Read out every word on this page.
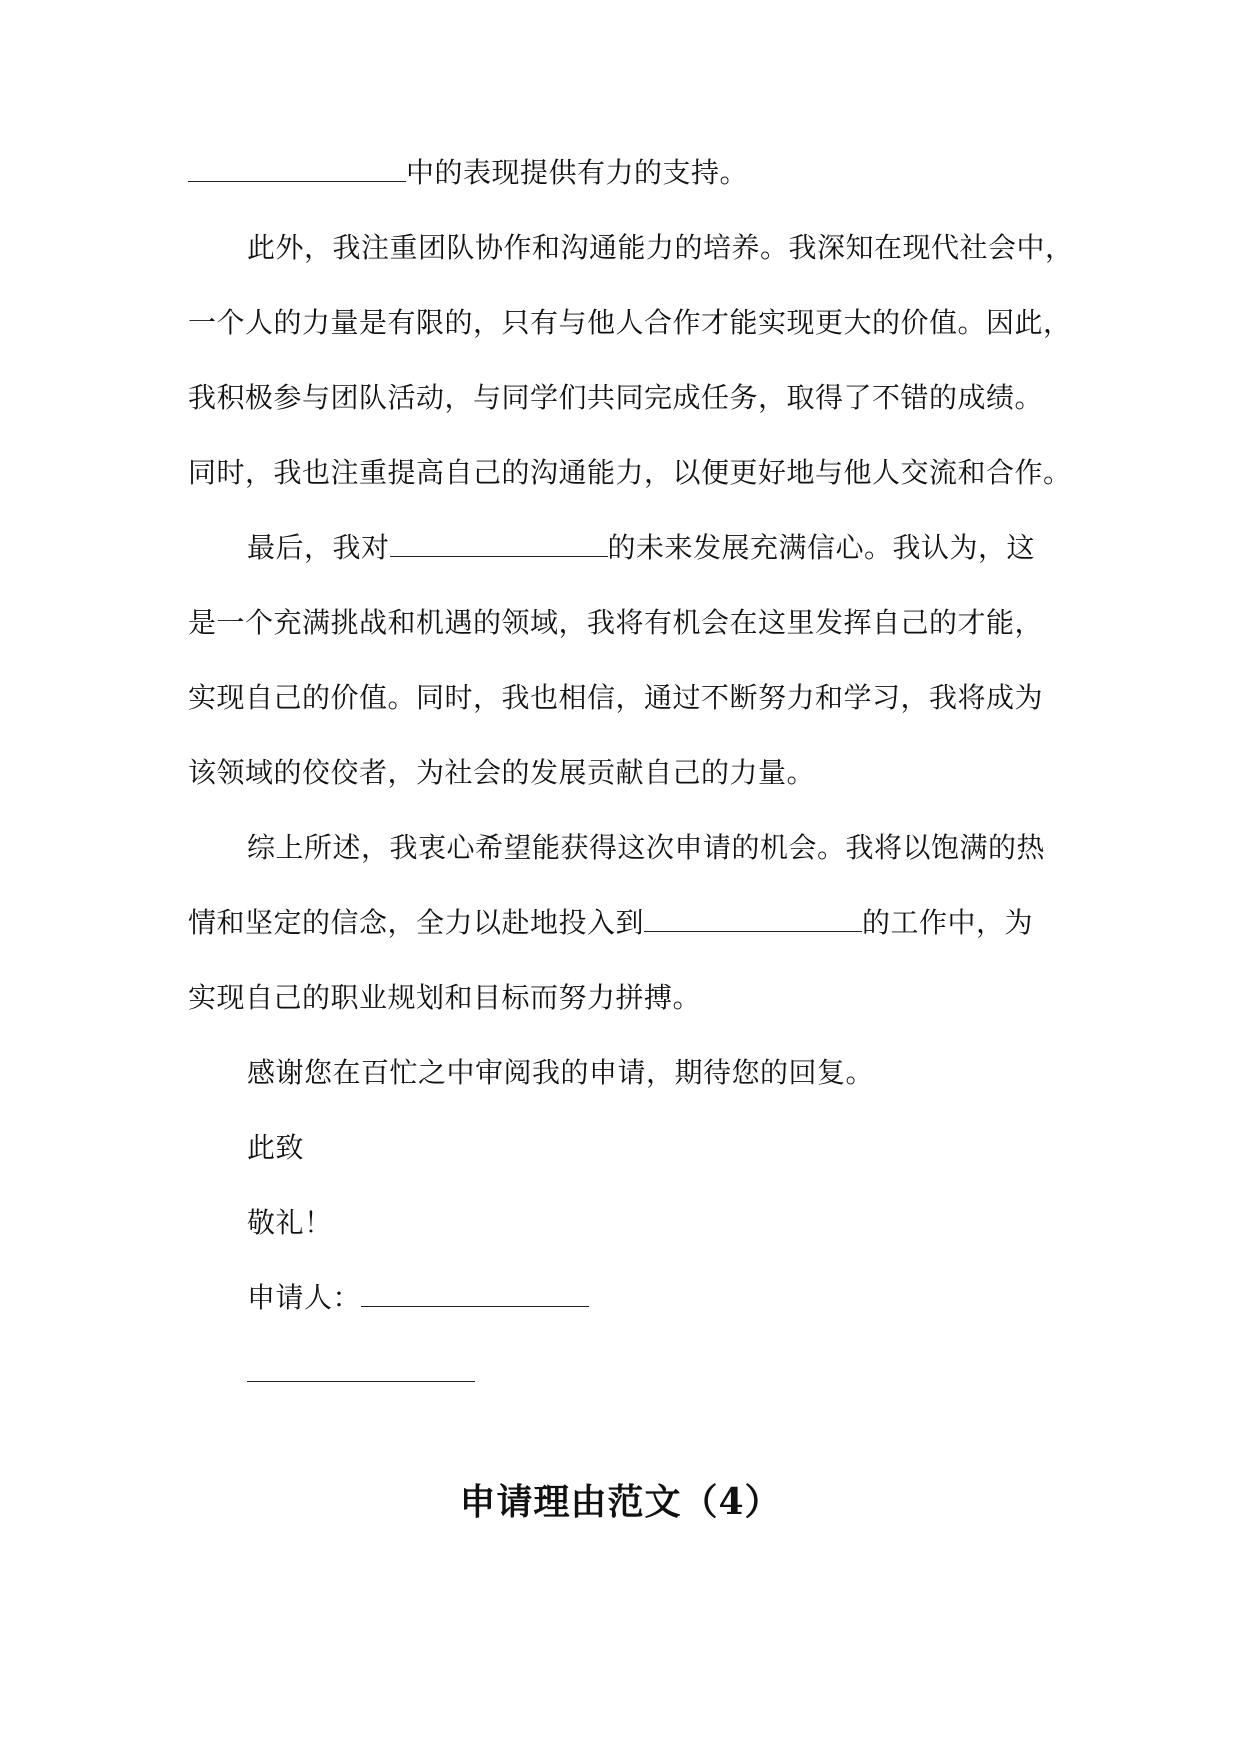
中的表现提供有力的支持。
此外，我注重团队协作和沟通能力的培养。我深知在现代社会中，
一个人的力量是有限的，只有与他人合作才能实现更大的价值。因此，
我积极参与团队活动，与同学们共同完成任务，取得了不错的成绩。
同时，我也注重提高自己的沟通能力，以便更好地与他人交流和合作。
最后，我对	的未来发展充满信心。我认为，这
是一个充满挑战和机遇的领域，我将有机会在这里发挥自己的才能，
实现自己的价值。同时，我也相信，通过不断努力和学习，我将成为
该领域的佼佼者，为社会的发展贡献自己的力量。
综上所述，我衷心希望能获得这次申请的机会。我将以饱满的热
情和坚定的信念，全力以赴地投入到	的工作中，为
实现自己的职业规划和目标而努力拼搏。
感谢您在百忙之中审阅我的申请，期待您的回复。
此致
敬礼！
申请人：
申请理由范文（4）
